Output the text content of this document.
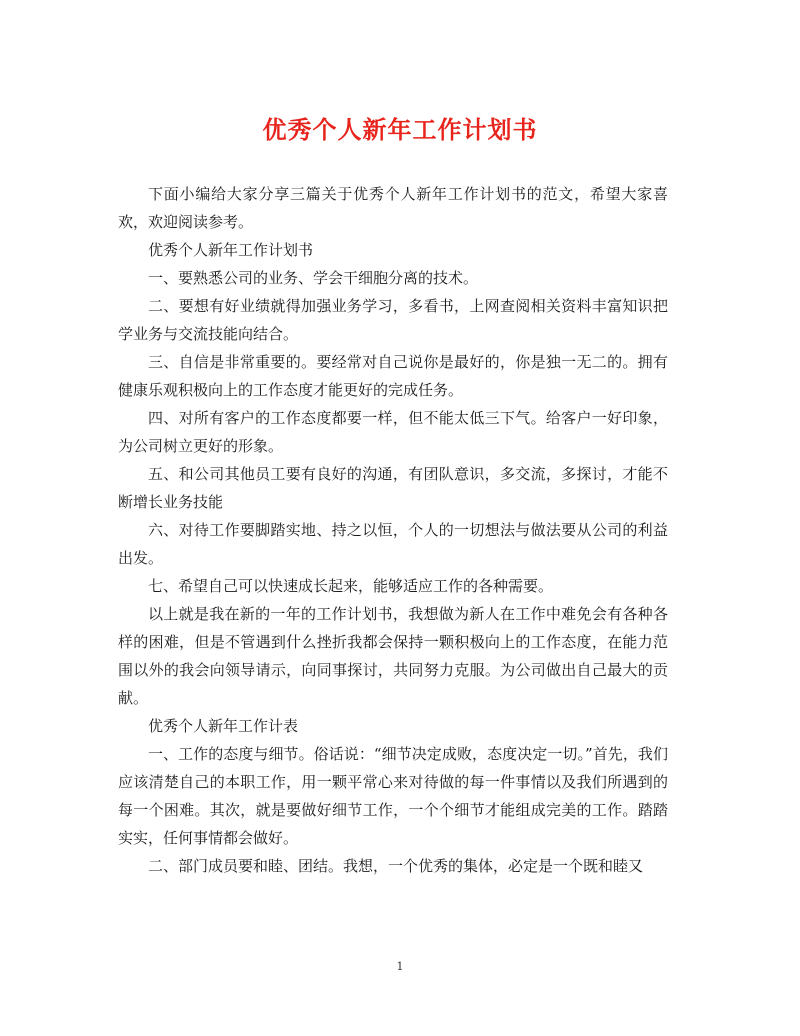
优秀个人新年工作计划书

下面小编给大家分享三篇关于优秀个人新年工作计划书的范文，希望大家喜欢，欢迎阅读参考。

优秀个人新年工作计划书

一、要熟悉公司的业务、学会干细胞分离的技术。

二、要想有好业绩就得加强业务学习，多看书，上网查阅相关资料丰富知识把学业务与交流技能向结合。

三、自信是非常重要的。要经常对自己说你是最好的，你是独一无二的。拥有健康乐观积极向上的工作态度才能更好的完成任务。

四、对所有客户的工作态度都要一样，但不能太低三下气。给客户一好印象，为公司树立更好的形象。

五、和公司其他员工要有良好的沟通，有团队意识，多交流，多探讨，才能不断增长业务技能

六、对待工作要脚踏实地、持之以恒，个人的一切想法与做法要从公司的利益出发。

七、希望自己可以快速成长起来，能够适应工作的各种需要。

以上就是我在新的一年的工作计划书，我想做为新人在工作中难免会有各种各样的困难，但是不管遇到什么挫折我都会保持一颗积极向上的工作态度，在能力范围以外的我会向领导请示，向同事探讨，共同努力克服。为公司做出自己最大的贡献。

优秀个人新年工作计表

一、工作的态度与细节。俗话说：“细节决定成败，态度决定一切。”首先，我们应该清楚自己的本职工作，用一颗平常心来对待做的每一件事情以及我们所遇到的每一个困难。其次，就是要做好细节工作，一个个细节才能组成完美的工作。踏踏实实，任何事情都会做好。

二、部门成员要和睦、团结。我想，一个优秀的集体，必定是一个既和睦又

1
